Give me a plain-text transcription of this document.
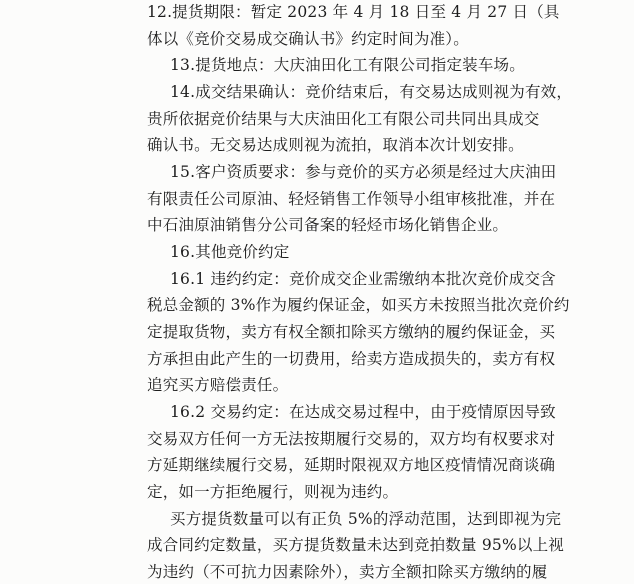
12.提货期限：暂定 2023 年 4 月 18 日至 4 月 27 日（具
体以《竞价交易成交确认书》约定时间为准）。
13.提货地点：大庆油田化工有限公司指定装车场。
14.成交结果确认：竞价结束后，有交易达成则视为有效，
贵所依据竞价结果与大庆油田化工有限公司共同出具成交
确认书。无交易达成则视为流拍，取消本次计划安排。
15.客户资质要求：参与竞价的买方必须是经过大庆油田
有限责任公司原油、轻烃销售工作领导小组审核批准，并在
中石油原油销售分公司备案的轻烃市场化销售企业。
16.其他竞价约定
16.1 违约约定：竞价成交企业需缴纳本批次竞价成交含
税总金额的 3%作为履约保证金，如买方未按照当批次竞价约
定提取货物，卖方有权全额扣除买方缴纳的履约保证金，买
方承担由此产生的一切费用，给卖方造成损失的，卖方有权
追究买方赔偿责任。
16.2 交易约定：在达成交易过程中，由于疫情原因导致
交易双方任何一方无法按期履行交易的，双方均有权要求对
方延期继续履行交易，延期时限视双方地区疫情情况商谈确
定，如一方拒绝履行，则视为违约。
买方提货数量可以有正负 5%的浮动范围，达到即视为完
成合同约定数量，买方提货数量未达到竞拍数量 95%以上视
为违约（不可抗力因素除外），卖方全额扣除买方缴纳的履
